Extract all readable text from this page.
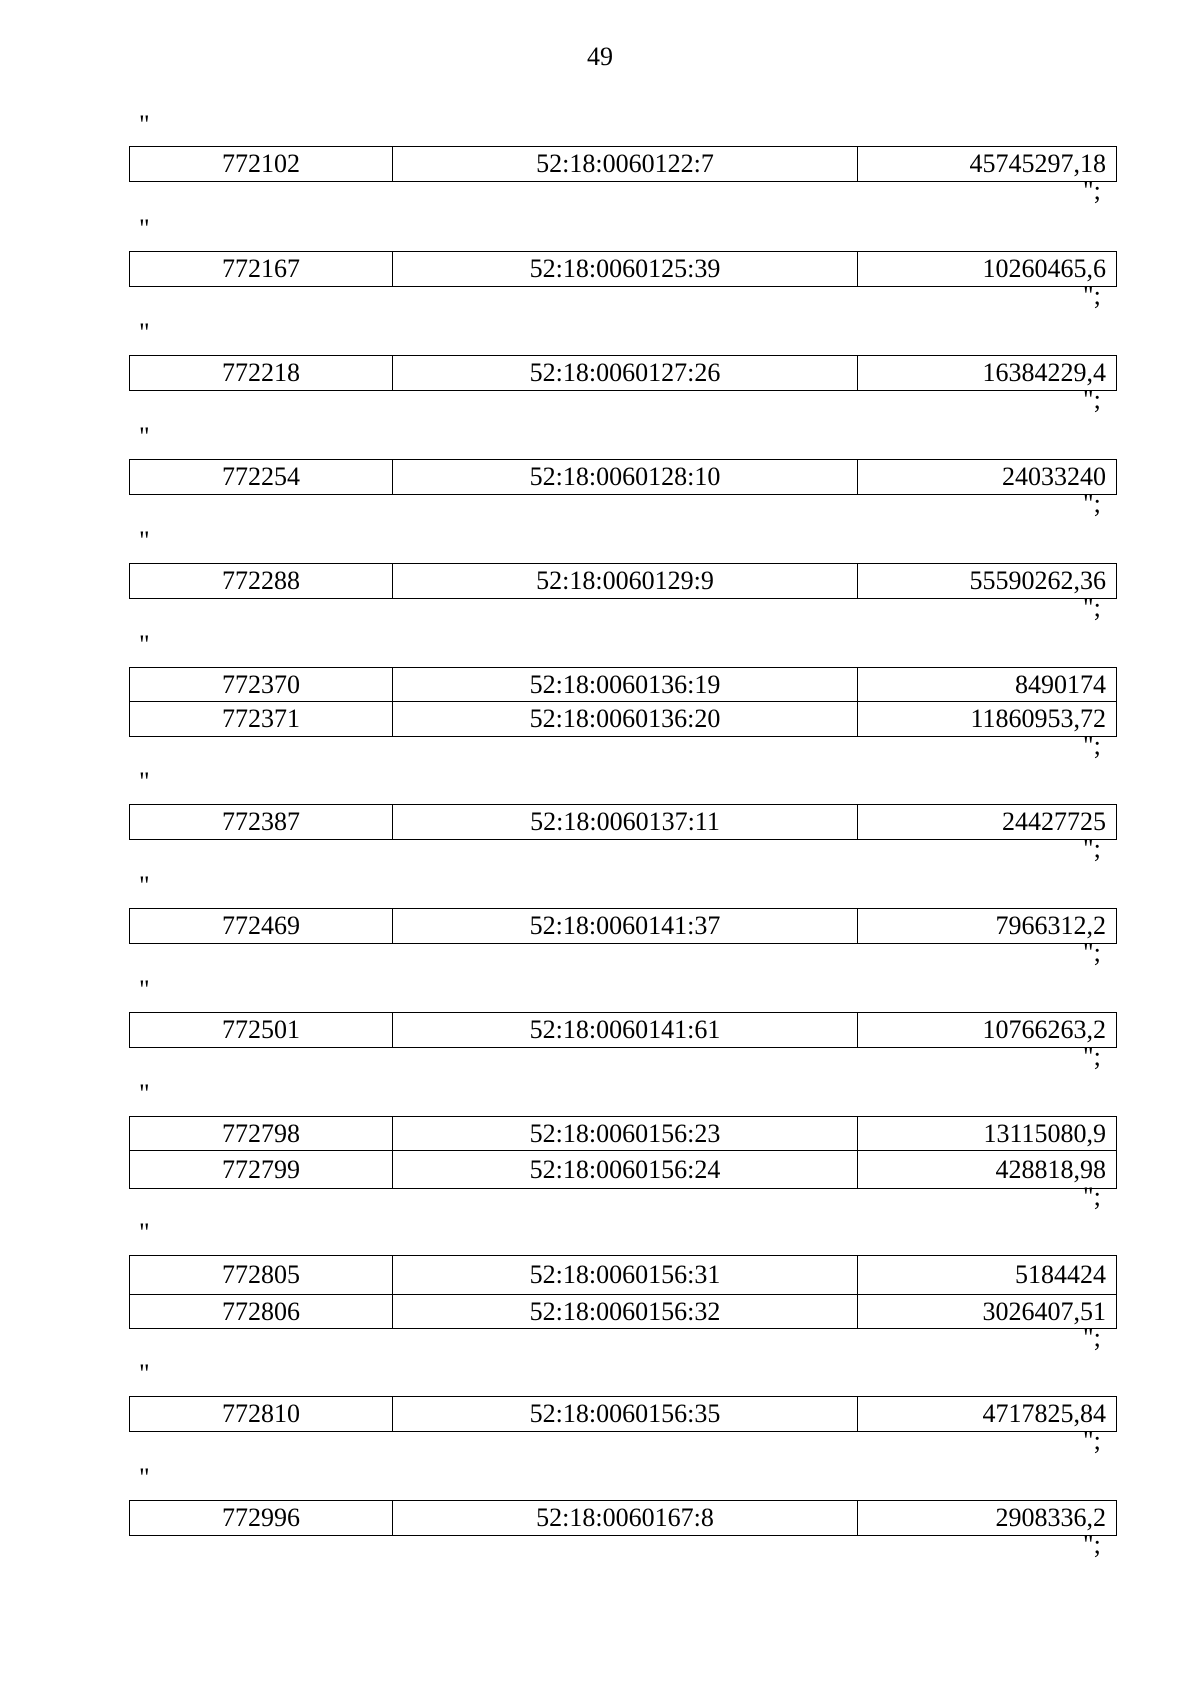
49
"
772102	52:18:0060122:7	45745297,18
";
"
772167	52:18:0060125:39	10260465,6
";
"
772218	52:18:0060127:26	16384229,4
";
"
772254	52:18:0060128:10	24033240
";
"
772288	52:18:0060129:9	55590262,36
";
"
772370	52:18:0060136:19	8490174
772371	52:18:0060136:20	11860953,72
";
"
772387	52:18:0060137:11	24427725
";
"
772469	52:18:0060141:37	7966312,2
";
"
772501	52:18:0060141:61	10766263,2
";
"
772798	52:18:0060156:23	13115080,9
772799	52:18:0060156:24	428818,98
";
"
772805	52:18:0060156:31	5184424
772806	52:18:0060156:32	3026407,51
";
"
772810	52:18:0060156:35	4717825,84
";
"
772996	52:18:0060167:8	2908336,2
";
